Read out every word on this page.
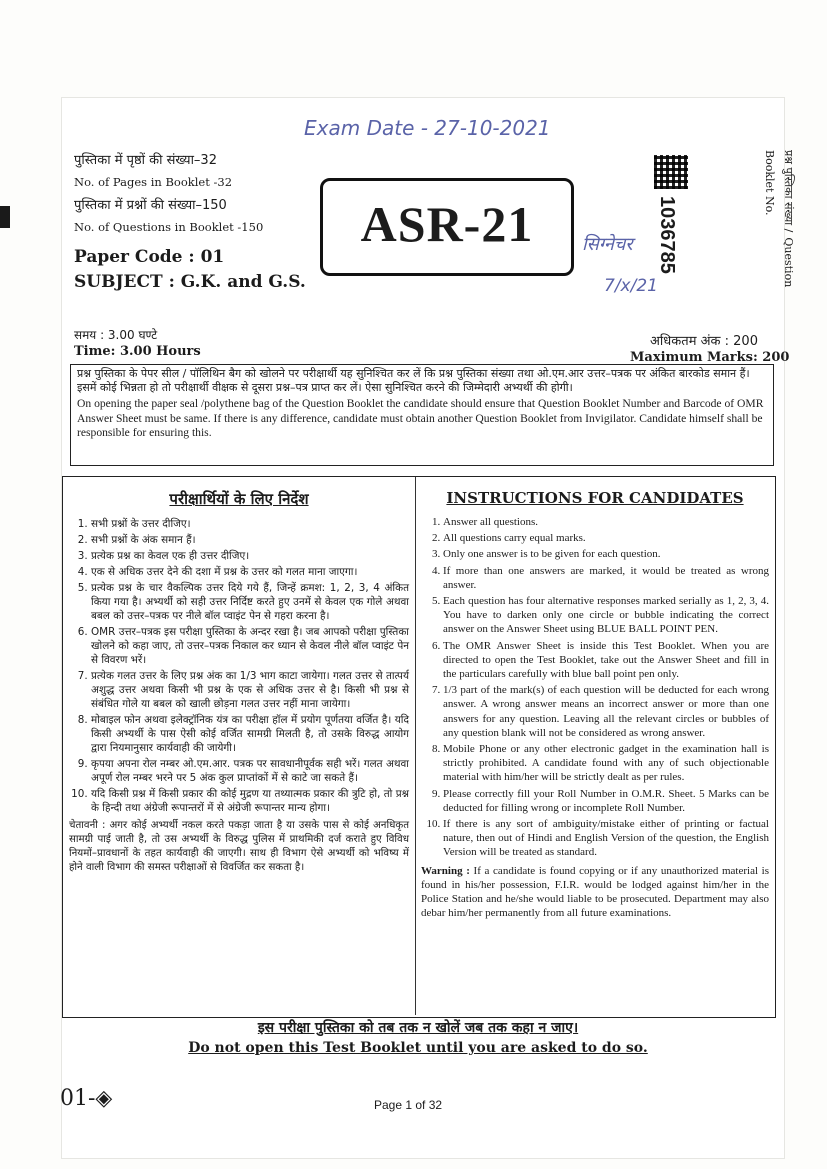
Exam Date - 27-10-2021
सिग्नेचर
7/x/21
पुस्तिका में पृष्ठों की संख्या–32
No. of Pages in Booklet -32
पुस्तिका में प्रश्नों की संख्या–150
No. of Questions in Booklet -150
Paper Code : 01
SUBJECT : G.K. and G.S.
समय : 3.00 घण्टे
Time: 3.00 Hours
ASR-21	प्रश्न पुस्तिका संख्या / Question Booklet No.
1036785
अधिकतम अंक : 200
Maximum Marks: 200

प्रश्न पुस्तिका के पेपर सील / पॉलिथिन बैग को खोलने पर परीक्षार्थी यह सुनिश्चित कर लें कि प्रश्न पुस्तिका संख्या तथा ओ.एम.आर उत्तर–पत्रक पर अंकित बारकोड समान हैं। इसमें कोई भिन्नता हो तो परीक्षार्थी वीक्षक से दूसरा प्रश्न–पत्र प्राप्त कर लें। ऐसा सुनिश्चित करने की जिम्मेदारी अभ्यर्थी की होगी।

On opening the paper seal /polythene bag of the Question Booklet the candidate should ensure that Question Booklet Number and Barcode of OMR Answer Sheet must be same. If there is any difference, candidate must obtain another Question Booklet from Invigilator. Candidate himself shall be responsible for ensuring this.

परीक्षार्थियों के लिए निर्देश
1. सभी प्रश्नों के उत्तर दीजिए।
2. सभी प्रश्नों के अंक समान हैं।
3. प्रत्येक प्रश्न का केवल एक ही उत्तर दीजिए।
4. एक से अधिक उत्तर देने की दशा में प्रश्न के उत्तर को गलत माना जाएगा।
5. प्रत्येक प्रश्न के चार वैकल्पिक उत्तर दिये गये हैं, जिन्हें क्रमश: 1, 2, 3, 4 अंकित किया गया है। अभ्यर्थी को सही उत्तर निर्दिष्ट करते हुए उनमें से केवल एक गोले अथवा बबल को उत्तर–पत्रक पर नीले बॉल प्वाइंट पेन से गहरा करना है।
6. OMR उत्तर–पत्रक इस परीक्षा पुस्तिका के अन्दर रखा है। जब आपको परीक्षा पुस्तिका खोलने को कहा जाए, तो उत्तर–पत्रक निकाल कर ध्यान से केवल नीले बॉल प्वाइंट पेन से विवरण भरें।
7. प्रत्येक गलत उत्तर के लिए प्रश्न अंक का 1/3 भाग काटा जायेगा। गलत उत्तर से तात्पर्य अशुद्ध उत्तर अथवा किसी भी प्रश्न के एक से अधिक उत्तर से है। किसी भी प्रश्न से संबंधित गोले या बबल को खाली छोड़ना गलत उत्तर नहीं माना जायेगा।
8. मोबाइल फोन अथवा इलेक्ट्रॉनिक यंत्र का परीक्षा हॉल में प्रयोग पूर्णतया वर्जित है। यदि किसी अभ्यर्थी के पास ऐसी कोई वर्जित सामग्री मिलती है, तो उसके विरुद्ध आयोग द्वारा नियमानुसार कार्यवाही की जायेगी।
9. कृपया अपना रोल नम्बर ओ.एम.आर. पत्रक पर सावधानीपूर्वक सही भरें। गलत अथवा अपूर्ण रोल नम्बर भरने पर 5 अंक कुल प्राप्तांकों में से काटे जा सकते हैं।
10. यदि किसी प्रश्न में किसी प्रकार की कोई मुद्रण या तथ्यात्मक प्रकार की त्रुटि हो, तो प्रश्न के हिन्दी तथा अंग्रेजी रूपान्तरों में से अंग्रेजी रूपान्तर मान्य होगा।
चेतावनी : अगर कोई अभ्यर्थी नकल करते पकड़ा जाता है या उसके पास से कोई अनधिकृत सामग्री पाई जाती है, तो उस अभ्यर्थी के विरुद्ध पुलिस में प्राथमिकी दर्ज कराते हुए विविध नियमों–प्रावधानों के तहत कार्यवाही की जाएगी। साथ ही विभाग ऐसे अभ्यर्थी को भविष्य में होने वाली विभाग की समस्त परीक्षाओं से विवर्जित कर सकता है।
INSTRUCTIONS FOR CANDIDATES
1. Answer all questions.
2. All questions carry equal marks.
3. Only one answer is to be given for each question.
4. If more than one answers are marked, it would be treated as wrong answer.
5. Each question has four alternative responses marked serially as 1, 2, 3, 4. You have to darken only one circle or bubble indicating the correct answer on the Answer Sheet using BLUE BALL POINT PEN.
6. The OMR Answer Sheet is inside this Test Booklet. When you are directed to open the Test Booklet, take out the Answer Sheet and fill in the particulars carefully with blue ball point pen only.
7. 1/3 part of the mark(s) of each question will be deducted for each wrong answer. A wrong answer means an incorrect answer or more than one answers for any question. Leaving all the relevant circles or bubbles of any question blank will not be considered as wrong answer.
8. Mobile Phone or any other electronic gadget in the examination hall is strictly prohibited. A candidate found with any of such objectionable material with him/her will be strictly dealt as per rules.
9. Please correctly fill your Roll Number in O.M.R. Sheet. 5 Marks can be deducted for filling wrong or incomplete Roll Number.
10. If there is any sort of ambiguity/mistake either of printing or factual nature, then out of Hindi and English Version of the question, the English Version will be treated as standard.
Warning : If a candidate is found copying or if any unauthorized material is found in his/her possession, F.I.R. would be lodged against him/her in the Police Station and he/she would liable to be prosecuted. Department may also debar him/her permanently from all future examinations.
इस परीक्षा पुस्तिका को तब तक न खोलें जब तक कहा न जाए।
Do not open this Test Booklet until you are asked to do so.
01-◈	Page 1 of 32
